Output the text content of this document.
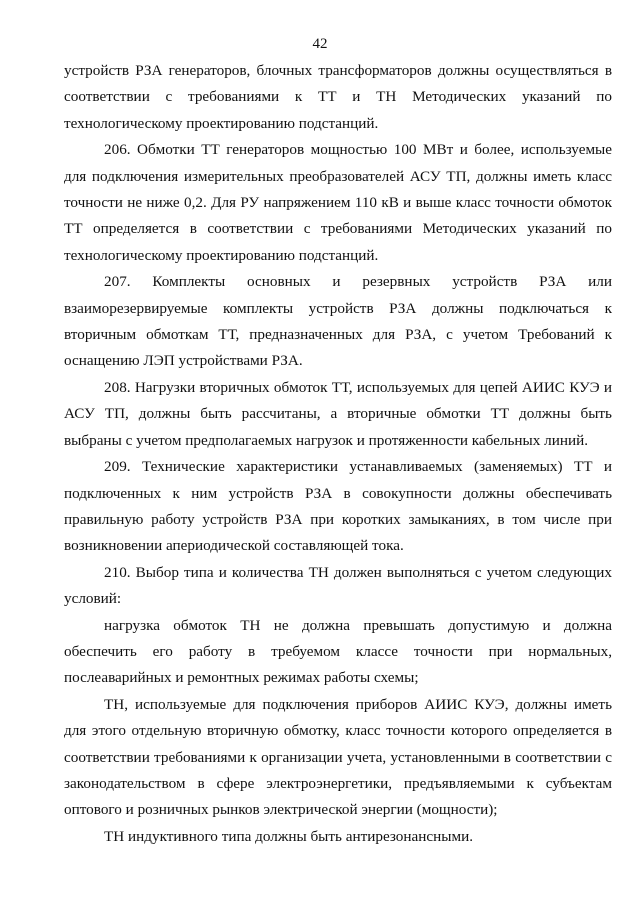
42

устройств РЗА генераторов, блочных трансформаторов должны осуществляться в соответствии с требованиями к ТТ и ТН Методических указаний по технологическому проектированию подстанций.

206. Обмотки ТТ генераторов мощностью 100 МВт и более, используемые для подключения измерительных преобразователей АСУ ТП, должны иметь класс точности не ниже 0,2. Для РУ напряжением 110 кВ и выше класс точности обмоток ТТ определяется в соответствии с требованиями Методических указаний по технологическому проектированию подстанций.

207. Комплекты основных и резервных устройств РЗА или взаиморезервируемые комплекты устройств РЗА должны подключаться к вторичным обмоткам ТТ, предназначенных для РЗА, с учетом Требований к оснащению ЛЭП устройствами РЗА.

208. Нагрузки вторичных обмоток ТТ, используемых для цепей АИИС КУЭ и АСУ ТП, должны быть рассчитаны, а вторичные обмотки ТТ должны быть выбраны с учетом предполагаемых нагрузок и протяженности кабельных линий.

209. Технические характеристики устанавливаемых (заменяемых) ТТ и подключенных к ним устройств РЗА в совокупности должны обеспечивать правильную работу устройств РЗА при коротких замыканиях, в том числе при возникновении апериодической составляющей тока.

210. Выбор типа и количества ТН должен выполняться с учетом следующих условий:

нагрузка обмоток ТН не должна превышать допустимую и должна обеспечить его работу в требуемом классе точности при нормальных, послеаварийных и ремонтных режимах работы схемы;

ТН, используемые для подключения приборов АИИС КУЭ, должны иметь для этого отдельную вторичную обмотку, класс точности которого определяется в соответствии требованиями к организации учета, установленными в соответствии с законодательством в сфере электроэнергетики, предъявляемыми к субъектам оптового и розничных рынков электрической энергии (мощности);

ТН индуктивного типа должны быть антирезонансными.
